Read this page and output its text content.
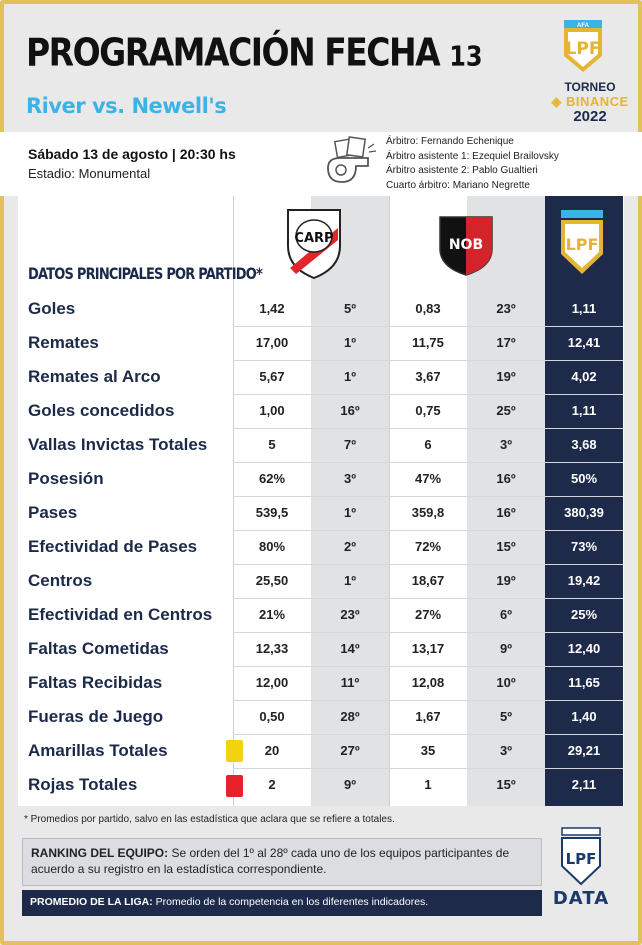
PROGRAMACIÓN FECHA 13
River vs. Newell's
AFA
LPF
TORNEO
◈ BINANCE
2022
Sábado 13 de agosto | 20:30 hs
Estadio: Monumental
Árbitro: Fernando Echenique
Árbitro asistente 1: Ezequiel Brailovsky
Árbitro asistente 2: Pablo Gualtieri
Cuarto árbitro: Mariano Negrette
DATOS PRINCIPALES POR PARTIDO*
CARP	NOB	LPF
Goles	1,42	5º	0,83	23º	1,11
Remates	17,00	1º	11,75	17º	12,41
Remates al Arco	5,67	1º	3,67	19º	4,02
Goles concedidos	1,00	16º	0,75	25º	1,11
Vallas Invictas Totales	5	7º	6	3º	3,68
Posesión	62%	3º	47%	16º	50%
Pases	539,5	1º	359,8	16º	380,39
Efectividad de Pases	80%	2º	72%	15º	73%
Centros	25,50	1º	18,67	19º	19,42
Efectividad en Centros	21%	23º	27%	6º	25%
Faltas Cometidas	12,33	14º	13,17	9º	12,40
Faltas Recibidas	12,00	11º	12,08	10º	11,65
Fueras de Juego	0,50	28º	1,67	5º	1,40
Amarillas Totales	20	27º	35	3º	29,21
Rojas Totales	2	9º	1	15º	2,11
* Promedios por partido, salvo en las estadística que aclara que se refiere a totales.
RANKING DEL EQUIPO: Se orden del 1º al 28º cada uno de los equipos participantes de acuerdo a su registro en la estadística correspondiente.
PROMEDIO DE LA LIGA: Promedio de la competencia en los diferentes indicadores.
LPF
DATA
